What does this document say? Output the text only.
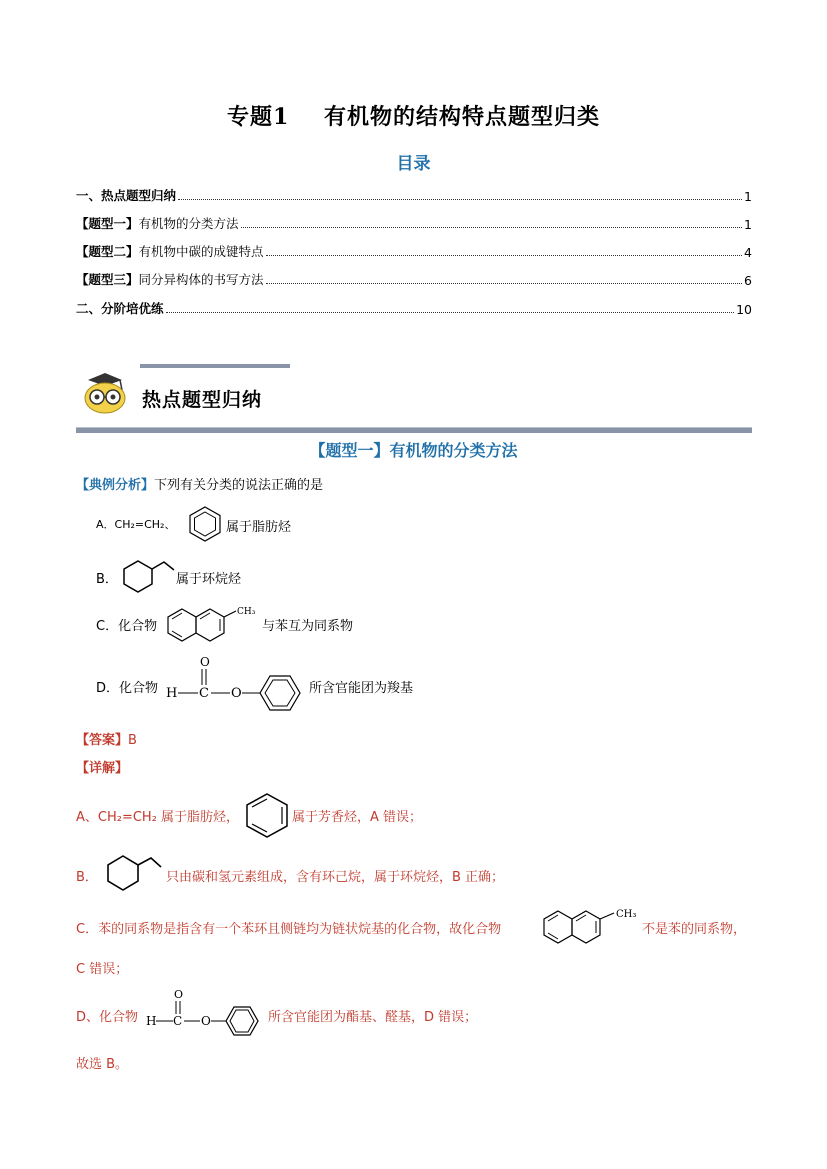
专题1 有机物的结构特点题型归类
目录
一、热点题型归纳	1
【题型一】有机物的分类方法	1
【题型二】有机物中碳的成键特点	4
【题型三】同分异构体的书写方法	6
二、分阶培优练	10
热点题型归纳
【题型一】有机物的分类方法
【典例分析】下列有关分类的说法正确的是
A．CH₂=CH₂、	属于脂肪烃
B．	属于环烷烃
C．化合物
CH₃
与苯互为同系物
D．化合物
O
H C O	所含官能团为羧基
【答案】B
【详解】
A、CH₂=CH₂ 属于脂肪烃，	属于芳香烃，A 错误；
B．	只由碳和氢元素组成，含有环己烷，属于环烷烃，B 正确；
C．苯的同系物是指含有一个苯环且侧链均为链状烷基的化合物，故化合物
CH₃
不是苯的同系物，
C 错误；
D、化合物
O
H C O	所含官能团为酯基、醛基，D 错误；
故选 B。
